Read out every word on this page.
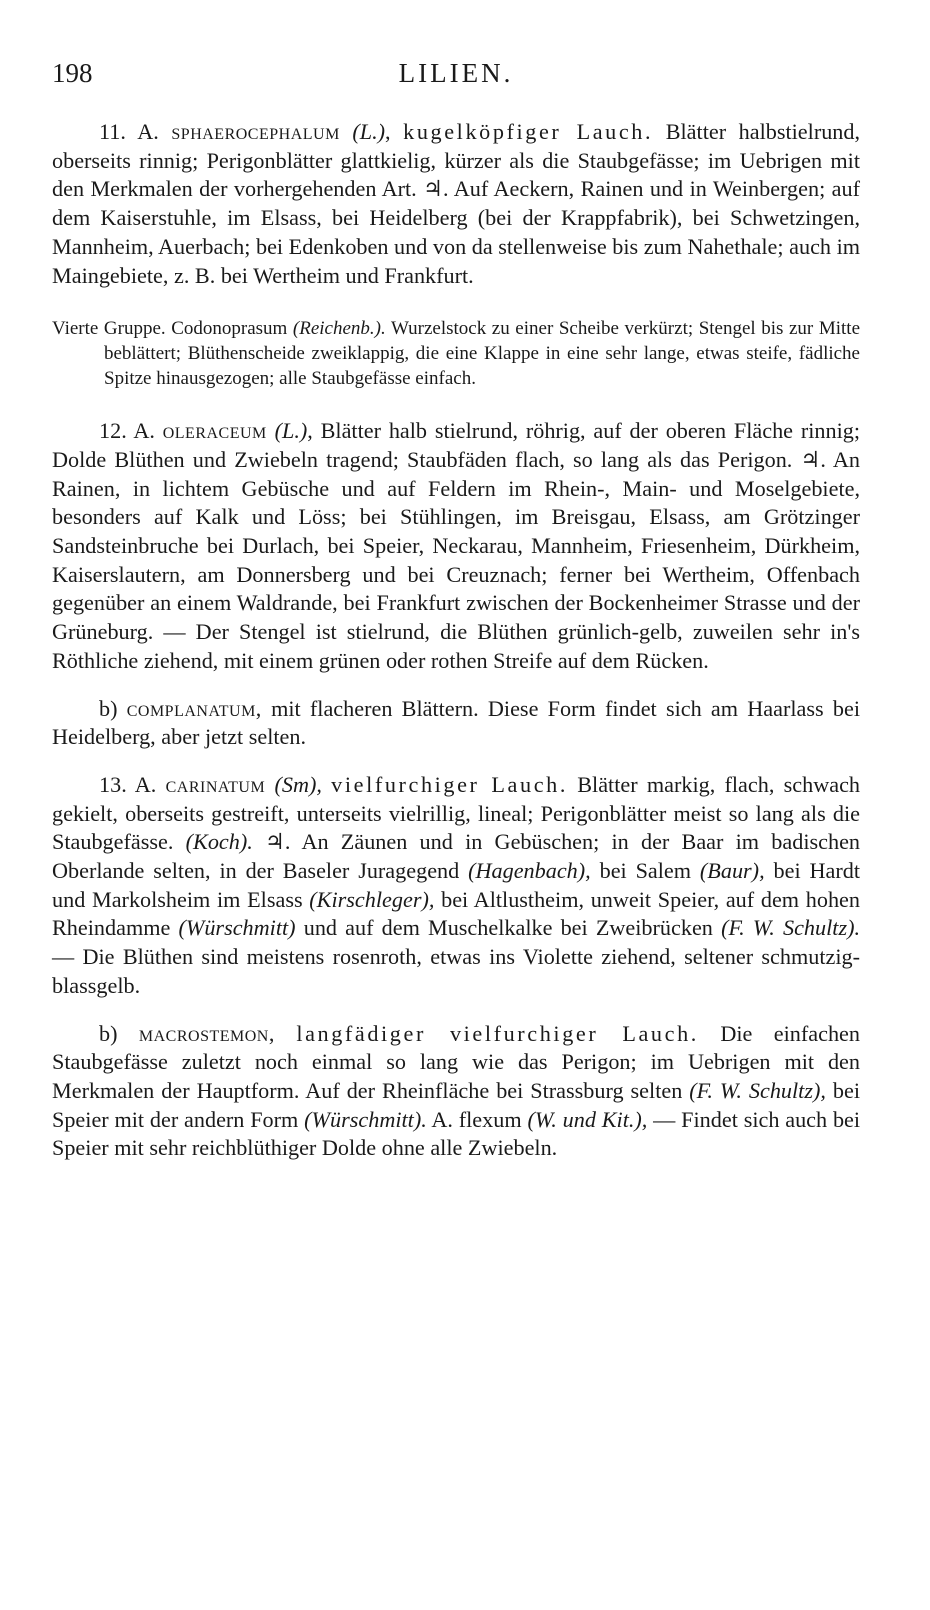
198	LILIEN.

11. A. sphaerocephalum (L.), kugelköpfiger Lauch. Blätter halbstielrund, oberseits rinnig; Perigonblätter glattkielig, kürzer als die Staubgefässe; im Uebrigen mit den Merkmalen der vorhergehenden Art. ♃. Auf Aeckern, Rainen und in Weinbergen; auf dem Kaiserstuhle, im Elsass, bei Heidelberg (bei der Krappfabrik), bei Schwetzingen, Mannheim, Auerbach; bei Edenkoben und von da stellenweise bis zum Nahethale; auch im Maingebiete, z. B. bei Wertheim und Frankfurt.

Vierte Gruppe. Codonoprasum (Reichenb.). Wurzelstock zu einer Scheibe verkürzt; Stengel bis zur Mitte beblättert; Blüthenscheide zweiklappig, die eine Klappe in eine sehr lange, etwas steife, fädliche Spitze hinausgezogen; alle Staubgefässe einfach.

12. A. oleraceum (L.), Blätter halb stielrund, röhrig, auf der oberen Fläche rinnig; Dolde Blüthen und Zwiebeln tragend; Staubfäden flach, so lang als das Perigon. ♃. An Rainen, in lichtem Gebüsche und auf Feldern im Rhein-, Main- und Moselgebiete, besonders auf Kalk und Löss; bei Stühlingen, im Breisgau, Elsass, am Grötzinger Sandsteinbruche bei Durlach, bei Speier, Neckarau, Mannheim, Friesenheim, Dürkheim, Kaiserslautern, am Donnersberg und bei Creuznach; ferner bei Wertheim, Offenbach gegenüber an einem Waldrande, bei Frankfurt zwischen der Bockenheimer Strasse und der Grüneburg. — Der Stengel ist stielrund, die Blüthen grünlich-gelb, zuweilen sehr in's Röthliche ziehend, mit einem grünen oder rothen Streife auf dem Rücken.

b) complanatum, mit flacheren Blättern. Diese Form findet sich am Haarlass bei Heidelberg, aber jetzt selten.

13. A. carinatum (Sm), vielfurchiger Lauch. Blätter markig, flach, schwach gekielt, oberseits gestreift, unterseits vielrillig, lineal; Perigonblätter meist so lang als die Staubgefässe. (Koch). ♃. An Zäunen und in Gebüschen; in der Baar im badischen Oberlande selten, in der Baseler Juragegend (Hagenbach), bei Salem (Baur), bei Hardt und Markolsheim im Elsass (Kirschleger), bei Altlustheim, unweit Speier, auf dem hohen Rheindamme (Würschmitt) und auf dem Muschelkalke bei Zweibrücken (F. W. Schultz). — Die Blüthen sind meistens rosenroth, etwas ins Violette ziehend, seltener schmutzig-blassgelb.

b) macrostemon, langfädiger vielfurchiger Lauch. Die einfachen Staubgefässe zuletzt noch einmal so lang wie das Perigon; im Uebrigen mit den Merkmalen der Hauptform. Auf der Rheinfläche bei Strassburg selten (F. W. Schultz), bei Speier mit der andern Form (Würschmitt). A. flexum (W. und Kit.), — Findet sich auch bei Speier mit sehr reichblüthiger Dolde ohne alle Zwiebeln.
